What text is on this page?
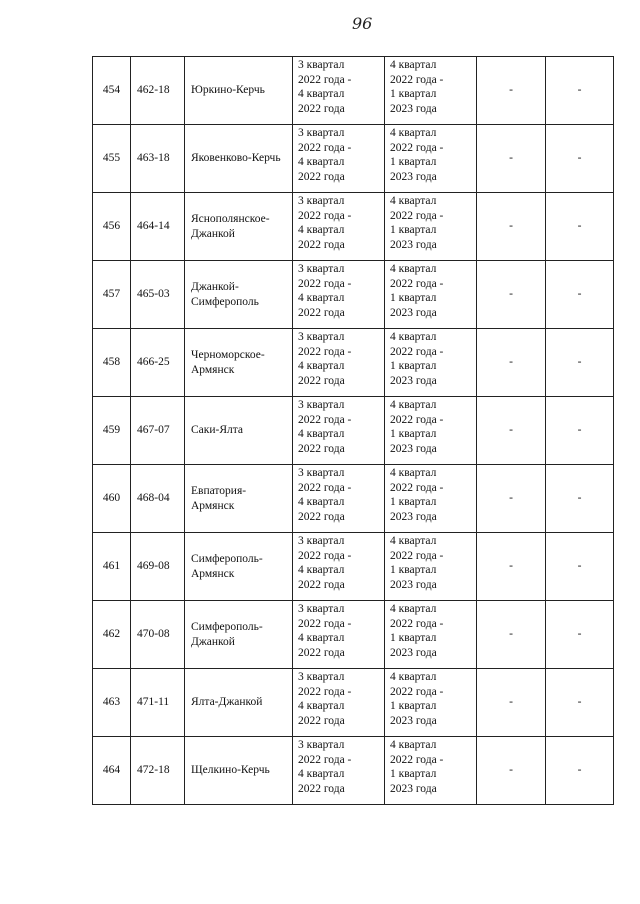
96
454	462-18	Юркино-Керчь	3 квартал
2022 года -
4 квартал
2022 года	4 квартал
2022 года -
1 квартал
2023 года	-	-
455	463-18	Яковенково-Керчь	3 квартал
2022 года -
4 квартал
2022 года	4 квартал
2022 года -
1 квартал
2023 года	-	-
456	464-14	Яснополянское-
Джанкой	3 квартал
2022 года -
4 квартал
2022 года	4 квартал
2022 года -
1 квартал
2023 года	-	-
457	465-03	Джанкой-
Симферополь	3 квартал
2022 года -
4 квартал
2022 года	4 квартал
2022 года -
1 квартал
2023 года	-	-
458	466-25	Черноморское-
Армянск	3 квартал
2022 года -
4 квартал
2022 года	4 квартал
2022 года -
1 квартал
2023 года	-	-
459	467-07	Саки-Ялта	3 квартал
2022 года -
4 квартал
2022 года	4 квартал
2022 года -
1 квартал
2023 года	-	-
460	468-04	Евпатория-
Армянск	3 квартал
2022 года -
4 квартал
2022 года	4 квартал
2022 года -
1 квартал
2023 года	-	-
461	469-08	Симферополь-
Армянск	3 квартал
2022 года -
4 квартал
2022 года	4 квартал
2022 года -
1 квартал
2023 года	-	-
462	470-08	Симферополь-
Джанкой	3 квартал
2022 года -
4 квартал
2022 года	4 квартал
2022 года -
1 квартал
2023 года	-	-
463	471-11	Ялта-Джанкой	3 квартал
2022 года -
4 квартал
2022 года	4 квартал
2022 года -
1 квартал
2023 года	-	-
464	472-18	Щелкино-Керчь	3 квартал
2022 года -
4 квартал
2022 года	4 квартал
2022 года -
1 квартал
2023 года	-	-
